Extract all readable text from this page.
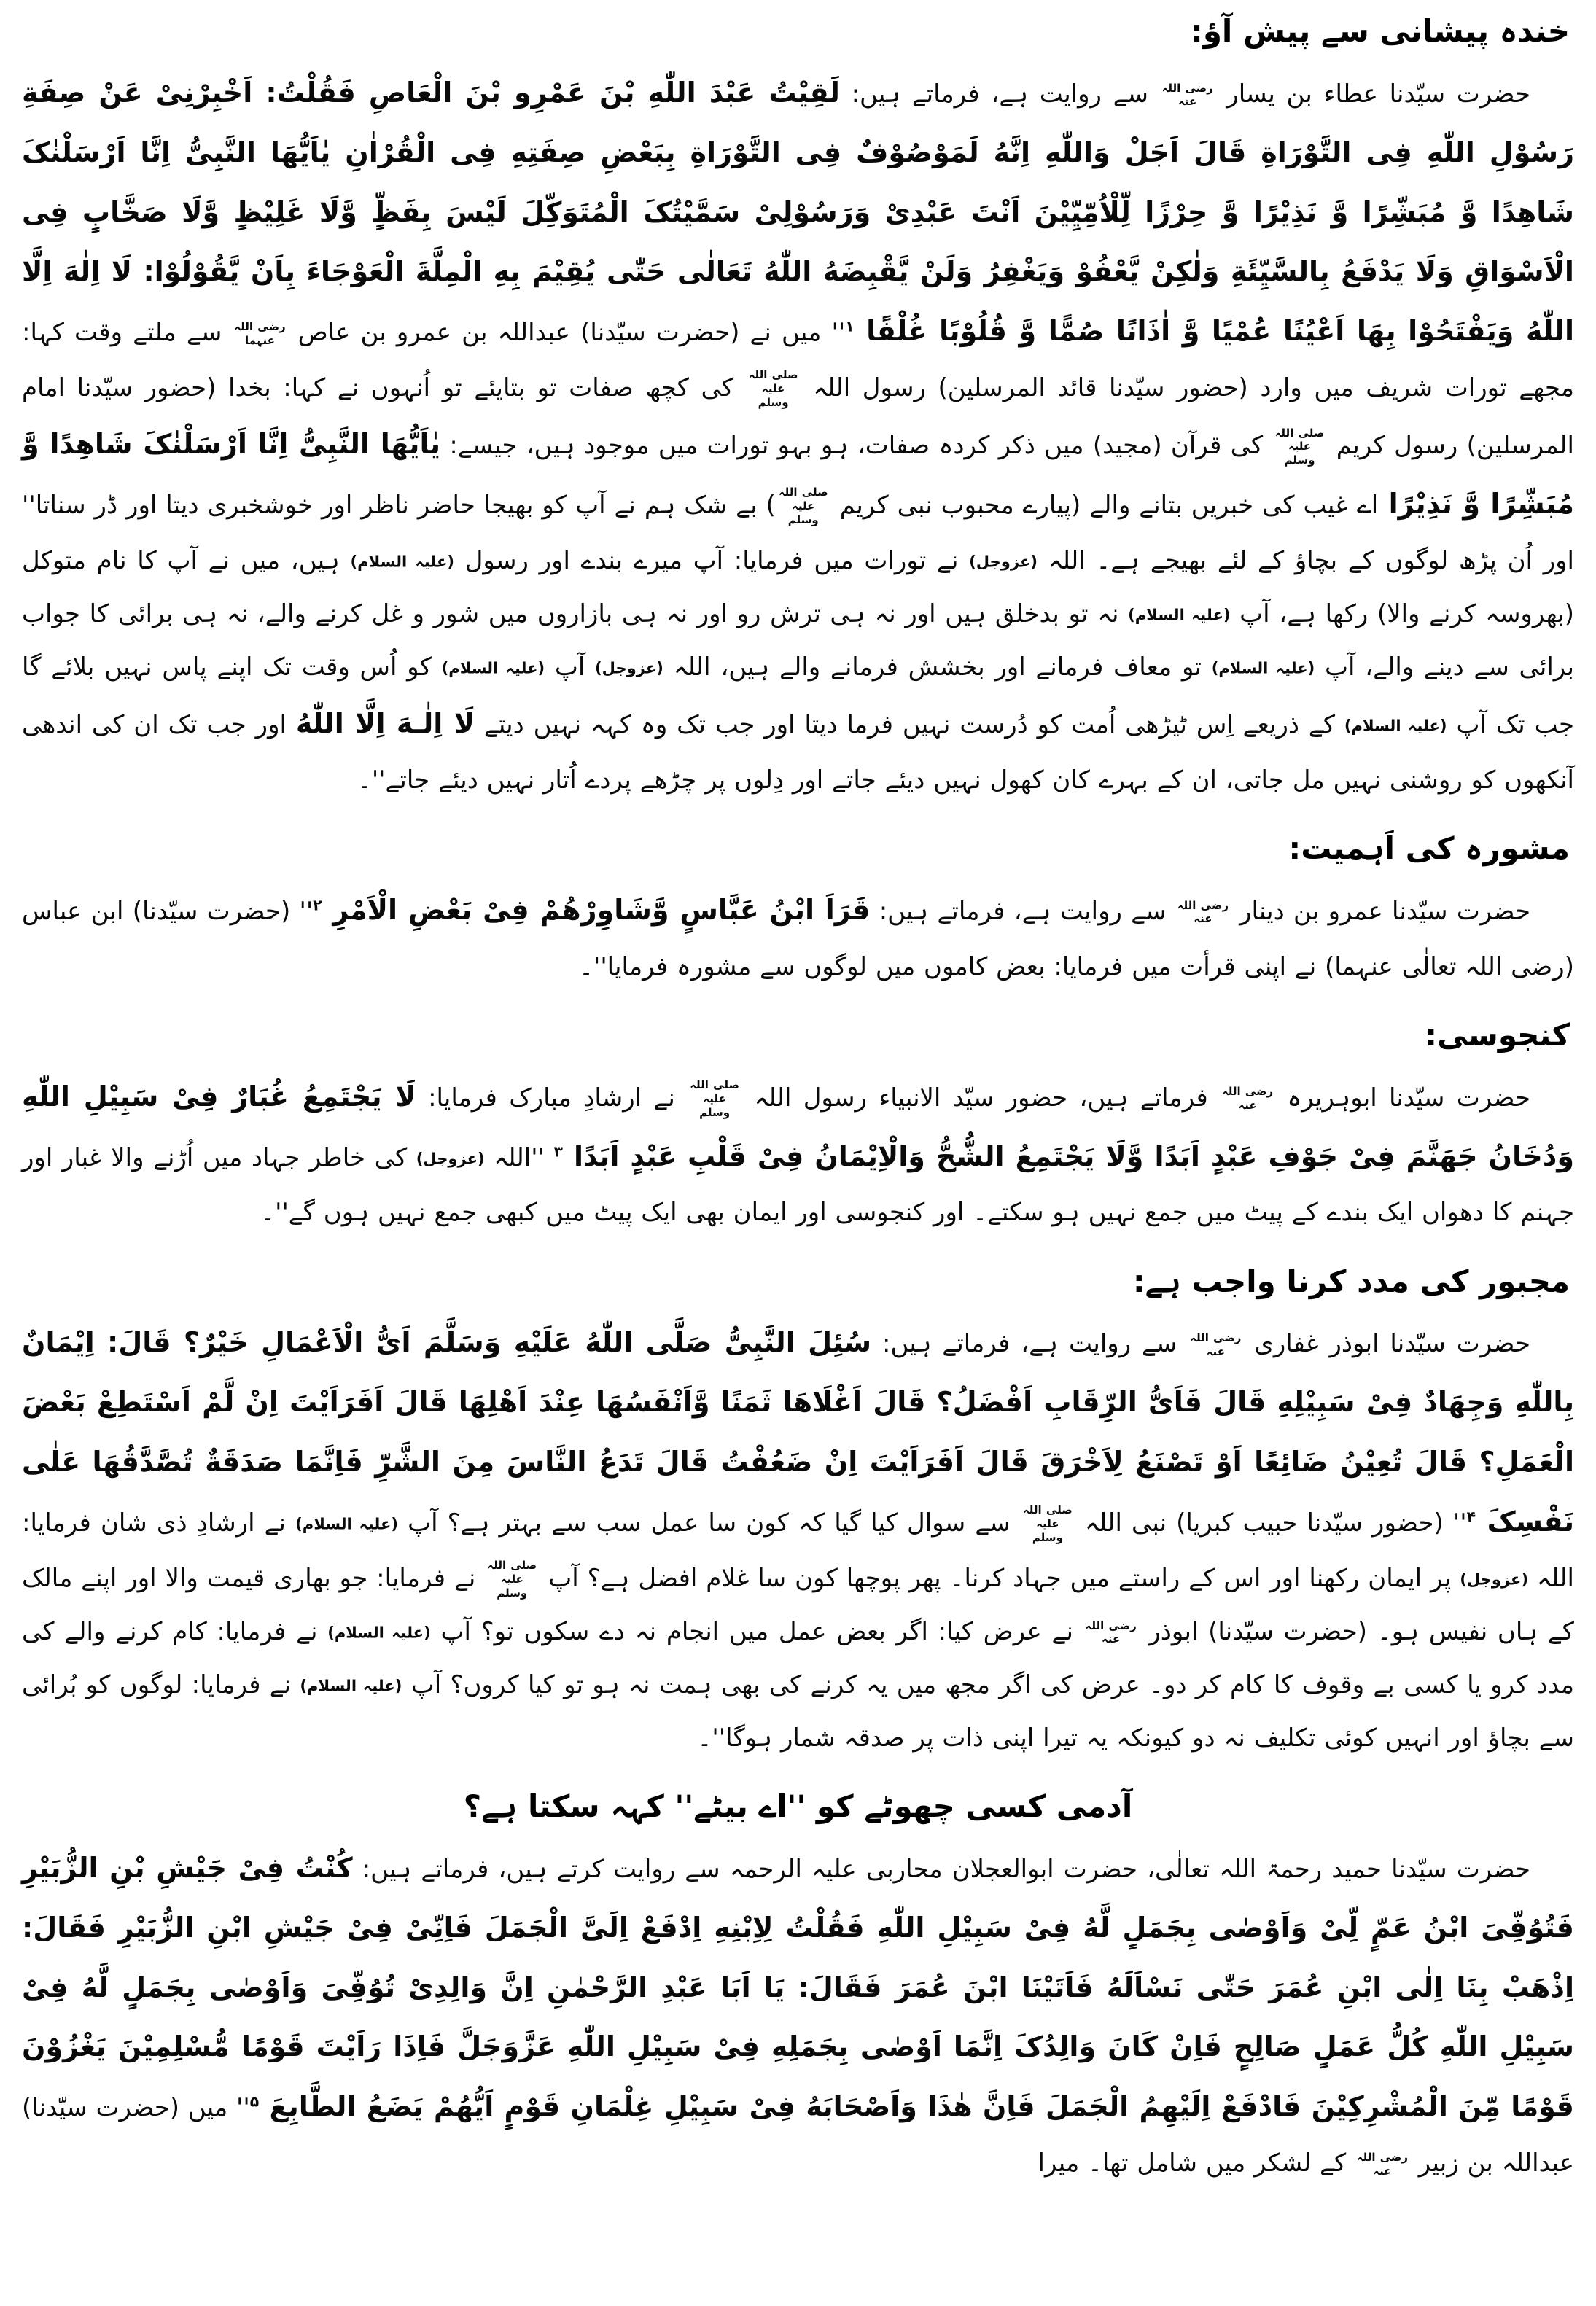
خندہ پیشانی سے پیش آؤ:
حضرت سیّدنا عطاء بن یسار رضی اللہ عنہ سے روایت ہے، فرماتے ہیں: لَقِیْتُ عَبْدَ اللّٰهِ بْنَ عَمْرِو بْنَ الْعَاصِ فَقُلْتُ: اَخْبِرْنِیْ عَنْ صِفَةِ رَسُوْلِ اللّٰهِ فِی التَّوْرَاةِ قَالَ اَجَلْ وَاللّٰهِ اِنَّهُ لَمَوْصُوْفٌ فِی التَّوْرَاةِ بِبَعْضِ صِفَتِهِ فِی الْقُرْاٰنِ یٰاَیُّهَا النَّبِیُّ اِنَّا اَرْسَلْنٰکَ شَاهِدًا وَّ مُبَشِّرًا وَّ نَذِیْرًا وَّ حِرْزًا لِّلْاُمِّیِّیْنَ اَنْتَ عَبْدِیْ وَرَسُوْلِیْ سَمَّیْتُکَ الْمُتَوَکِّلَ لَیْسَ بِفَظٍّ وَّلَا غَلِیْظٍ وَّلَا صَخَّابٍ فِی الْاَسْوَاقِ وَلَا یَدْفَعُ بِالسَّیِّئَةِ وَلٰکِنْ یَّعْفُوْ وَیَغْفِرُ وَلَنْ یَّقْبِضَهُ اللّٰهُ تَعَالٰی حَتّٰی یُقِیْمَ بِهِ الْمِلَّةَ الْعَوْجَاءَ بِاَنْ یَّقُوْلُوْا: لَا اِلٰهَ اِلَّا اللّٰهُ وَیَفْتَحُوْا بِهَا اَعْیُنًا عُمْیًا وَّ اٰذَانًا صُمًّا وَّ قُلُوْبًا غُلْفًا $^۱$'' میں نے (حضرت سیّدنا) عبداللہ بن عمرو بن عاص رضی اللہ عنہما سے ملتے وقت کہا: مجھے تورات شریف میں وارد (حضور سیّدنا قائد المرسلین) رسول اللہ صلی اللہ علیہ وسلم کی کچھ صفات تو بتایئے تو اُنہوں نے کہا: بخدا (حضور سیّدنا امام المرسلین) رسول کریم صلی اللہ علیہ وسلم کی قرآن (مجید) میں ذکر کردہ صفات، ہو بہو تورات میں موجود ہیں، جیسے: یٰاَیُّهَا النَّبِیُّ اِنَّا اَرْسَلْنٰکَ شَاهِدًا وَّ مُبَشِّرًا وَّ نَذِیْرًا اے غیب کی خبریں بتانے والے (پیارے محبوب نبی کریم صلی اللہ علیہ وسلم) بے شک ہم نے آپ کو بھیجا حاضر ناظر اور خوشخبری دیتا اور ڈر سناتا'' اور اُن پڑھ لوگوں کے بچاؤ کے لئے بھیجے ہے۔ اللہ (عزوجل) نے تورات میں فرمایا: آپ میرے بندے اور رسول (علیہ السلام) ہیں، میں نے آپ کا نام متوکل (بھروسہ کرنے والا) رکھا ہے، آپ (علیہ السلام) نہ تو بدخلق ہیں اور نہ ہی ترش رو اور نہ ہی بازاروں میں شور و غل کرنے والے، نہ ہی برائی کا جواب برائی سے دینے والے، آپ (علیہ السلام) تو معاف فرمانے اور بخشش فرمانے والے ہیں، اللہ (عزوجل) آپ (علیہ السلام) کو اُس وقت تک اپنے پاس نہیں بلائے گا جب تک آپ (علیہ السلام) کے ذریعے اِس ٹیڑھی اُمت کو دُرست نہیں فرما دیتا اور جب تک وہ کہہ نہیں دیتے لَا اِلٰـهَ اِلَّا اللّٰهُ اور جب تک ان کی اندھی آنکھوں کو روشنی نہیں مل جاتی، ان کے بہرے کان کھول نہیں دیئے جاتے اور دِلوں پر چڑھے پردے اُتار نہیں دیئے جاتے''۔
مشورہ کی اَہمیت:
حضرت سیّدنا عمرو بن دینار رضی اللہ عنہ سے روایت ہے، فرماتے ہیں: قَرَاَ ابْنُ عَبَّاسٍ وَّشَاوِرْهُمْ فِیْ بَعْضِ الْاَمْرِ $^۲$'' (حضرت سیّدنا) ابن عباس (رضی اللہ تعالٰی عنہما) نے اپنی قرأت میں فرمایا: بعض کاموں میں لوگوں سے مشورہ فرمایا''۔
کنجوسی:
حضرت سیّدنا ابوہریرہ رضی اللہ عنہ فرماتے ہیں، حضور سیّد الانبیاء رسول اللہ صلی اللہ علیہ وسلم نے ارشادِ مبارک فرمایا: لَا یَجْتَمِعُ غُبَارٌ فِیْ سَبِیْلِ اللّٰهِ وَدُخَانُ جَهَنَّمَ فِیْ جَوْفِ عَبْدٍ اَبَدًا وَّلَا یَجْتَمِعُ الشُّحُّ وَالْاِیْمَانُ فِیْ قَلْبِ عَبْدٍ اَبَدًا $^۳$ ''اللہ (عزوجل) کی خاطر جہاد میں اُڑنے والا غبار اور جہنم کا دھواں ایک بندے کے پیٹ میں جمع نہیں ہو سکتے۔ اور کنجوسی اور ایمان بھی ایک پیٹ میں کبھی جمع نہیں ہوں گے''۔
مجبور کی مدد کرنا واجب ہے:
حضرت سیّدنا ابوذر غفاری رضی اللہ عنہ سے روایت ہے، فرماتے ہیں: سُئِلَ النَّبِیُّ صَلَّی اللّٰهُ عَلَیْهِ وَسَلَّمَ اَیُّ الْاَعْمَالِ خَیْرٌ؟ قَالَ: اِیْمَانٌ بِاللّٰهِ وَجِهَادٌ فِیْ سَبِیْلِهِ قَالَ فَاَیُّ الرِّقَابِ اَفْضَلُ؟ قَالَ اَغْلَاهَا ثَمَنًا وَّاَنْفَسُهَا عِنْدَ اَهْلِهَا قَالَ اَفَرَاَیْتَ اِنْ لَّمْ اَسْتَطِعْ بَعْضَ الْعَمَلِ؟ قَالَ تُعِیْنُ ضَائِعًا اَوْ تَصْنَعُ لِاَخْرَقَ قَالَ اَفَرَاَیْتَ اِنْ ضَعُفْتُ قَالَ تَدَعُ النَّاسَ مِنَ الشَّرِّ فَاِنَّمَا صَدَقَةٌ تُصَّدَّقُهَا عَلٰی نَفْسِکَ $^۴$'' (حضور سیّدنا حبیب کبریا) نبی اللہ صلی اللہ علیہ وسلم سے سوال کیا گیا کہ کون سا عمل سب سے بہتر ہے؟ آپ (علیہ السلام) نے ارشادِ ذی شان فرمایا: اللہ (عزوجل) پر ایمان رکھنا اور اس کے راستے میں جہاد کرنا۔ پھر پوچھا کون سا غلام افضل ہے؟ آپ صلی اللہ علیہ وسلم نے فرمایا: جو بھاری قیمت والا اور اپنے مالک کے ہاں نفیس ہو۔ (حضرت سیّدنا) ابوذر رضی اللہ عنہ نے عرض کیا: اگر بعض عمل میں انجام نہ دے سکوں تو؟ آپ (علیہ السلام) نے فرمایا: کام کرنے والے کی مدد کرو یا کسی بے وقوف کا کام کر دو۔ عرض کی اگر مجھ میں یہ کرنے کی بھی ہمت نہ ہو تو کیا کروں؟ آپ (علیہ السلام) نے فرمایا: لوگوں کو بُرائی سے بچاؤ اور انہیں کوئی تکلیف نہ دو کیونکہ یہ تیرا اپنی ذات پر صدقہ شمار ہوگا''۔
آدمی کسی چھوٹے کو ''اے بیٹے'' کہہ سکتا ہے؟
حضرت سیّدنا حمید رحمۃ اللہ تعالٰی، حضرت ابوالعجلان محاربی علیہ الرحمہ سے روایت کرتے ہیں، فرماتے ہیں: کُنْتُ فِیْ جَیْشِ بْنِ الزُّبَیْرِ فَتُوُفِّیَ ابْنُ عَمٍّ لِّیْ وَاَوْصٰی بِجَمَلٍ لَّهُ فِیْ سَبِیْلِ اللّٰهِ فَقُلْتُ لِاِبْنِهِ اِدْفَعْ اِلَیَّ الْجَمَلَ فَاِنِّیْ فِیْ جَیْشِ ابْنِ الزُّبَیْرِ فَقَالَ: اِذْهَبْ بِنَا اِلٰی ابْنِ عُمَرَ حَتّٰی نَسْاَلَهُ فَاَتَیْنَا ابْنَ عُمَرَ فَقَالَ: یَا اَبَا عَبْدِ الرَّحْمٰنِ اِنَّ وَالِدِیْ تُوُفِّیَ وَاَوْصٰی بِجَمَلٍ لَّهُ فِیْ سَبِیْلِ اللّٰهِ کُلُّ عَمَلٍ صَالِحٍ فَاِنْ کَانَ وَالِدُکَ اِنَّمَا اَوْصٰی بِجَمَلِهِ فِیْ سَبِیْلِ اللّٰهِ عَزَّوَجَلَّ فَاِذَا رَاَیْتَ قَوْمًا مُّسْلِمِیْنَ یَغْزُوْنَ قَوْمًا مِّنَ الْمُشْرِکِیْنَ فَادْفَعْ اِلَیْهِمُ الْجَمَلَ فَاِنَّ هٰذَا وَاَصْحَابَهُ فِیْ سَبِیْلِ غِلْمَانِ قَوْمٍ اَیُّهُمْ یَضَعُ الطَّابِعَ $^۵$'' میں (حضرت سیّدنا) عبداللہ بن زبیر رضی اللہ عنہ کے لشکر میں شامل تھا۔ میرا
